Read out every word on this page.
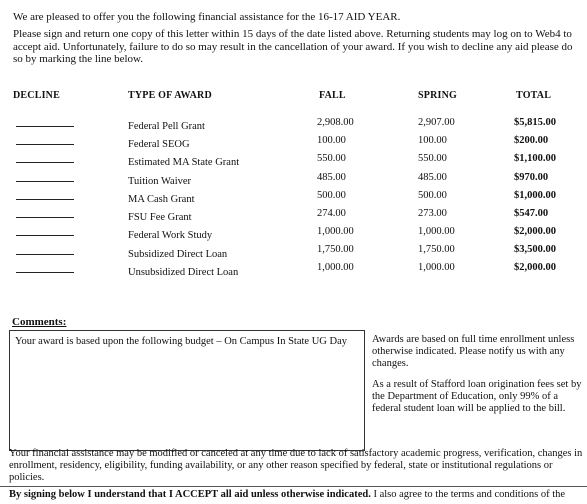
We are pleased to offer you the following financial assistance for the 16-17 AID YEAR.
Please sign and return one copy of this letter within 15 days of the date listed above. Returning students may log on to Web4 to accept aid. Unfortunately, failure to do so may result in the cancellation of your award. If you wish to decline any aid please do so by marking the line below.
DECLINE	TYPE OF AWARD	FALL	SPRING	TOTAL
Federal Pell Grant	2,908.00	2,907.00	$5,815.00
Federal SEOG	100.00	100.00	$200.00
Estimated MA State Grant	550.00	550.00	$1,100.00
Tuition Waiver	485.00	485.00	$970.00
MA Cash Grant	500.00	500.00	$1,000.00
FSU Fee Grant	274.00	273.00	$547.00
Federal Work Study	1,000.00	1,000.00	$2,000.00
Subsidized Direct Loan	1,750.00	1,750.00	$3,500.00
Unsubsidized Direct Loan	1,000.00	1,000.00	$2,000.00
Comments:
Your award is based upon the following budget – On Campus In State UG Day Awards are based on full time enrollment unless otherwise indicated. Please notify us with any changes.
As a result of Stafford loan origination fees set by the Department of Education, only 99% of a federal student loan will be applied to the bill.
Your financial assistance may be modified or canceled at any time due to lack of satisfactory academic progress, verification, changes in enrollment, residency, eligibility, funding availability, or any other reason specified by federal, state or institutional regulations or policies.
By signing below I understand that I ACCEPT all aid unless otherwise indicated. I also agree to the terms and conditions of the
